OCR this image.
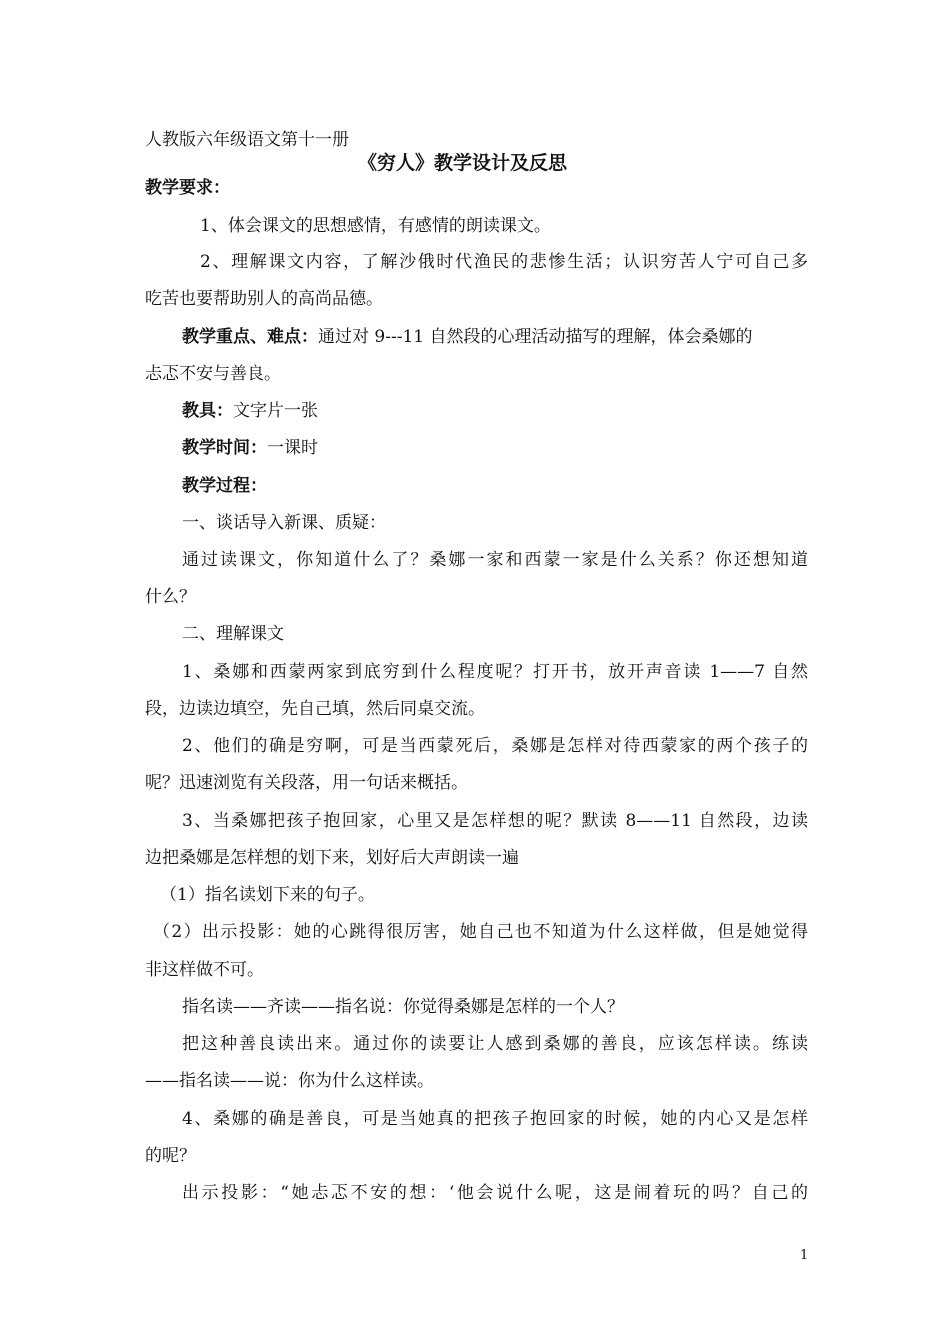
人教版六年级语文第十一册
《穷人》教学设计及反思
教学要求：
1、体会课文的思想感情，有感情的朗读课文。
2、理解课文内容，了解沙俄时代渔民的悲惨生活；认识穷苦人宁可自己多
吃苦也要帮助别人的高尚品德。
教学重点、难点：通过对 9---11 自然段的心理活动描写的理解，体会桑娜的
忐忑不安与善良。
教具：文字片一张
教学时间：一课时
教学过程：
一、谈话导入新课、质疑：
通过读课文，你知道什么了？桑娜一家和西蒙一家是什么关系？你还想知道
什么？
二、理解课文
1、桑娜和西蒙两家到底穷到什么程度呢？打开书，放开声音读 1——7 自然
段，边读边填空，先自己填，然后同桌交流。
2、他们的确是穷啊，可是当西蒙死后，桑娜是怎样对待西蒙家的两个孩子的
呢？迅速浏览有关段落，用一句话来概括。
3、当桑娜把孩子抱回家，心里又是怎样想的呢？默读 8——11 自然段，边读
边把桑娜是怎样想的划下来，划好后大声朗读一遍
（1）指名读划下来的句子。
（2）出示投影：她的心跳得很厉害，她自己也不知道为什么这样做，但是她觉得
非这样做不可。
指名读——齐读——指名说：你觉得桑娜是怎样的一个人？
把这种善良读出来。通过你的读要让人感到桑娜的善良，应该怎样读。练读
——指名读——说：你为什么这样读。
4、桑娜的确是善良，可是当她真的把孩子抱回家的时候，她的内心又是怎样
的呢？
出示投影：“她忐忑不安的想：‘他会说什么呢，这是闹着玩的吗？自己的
1
